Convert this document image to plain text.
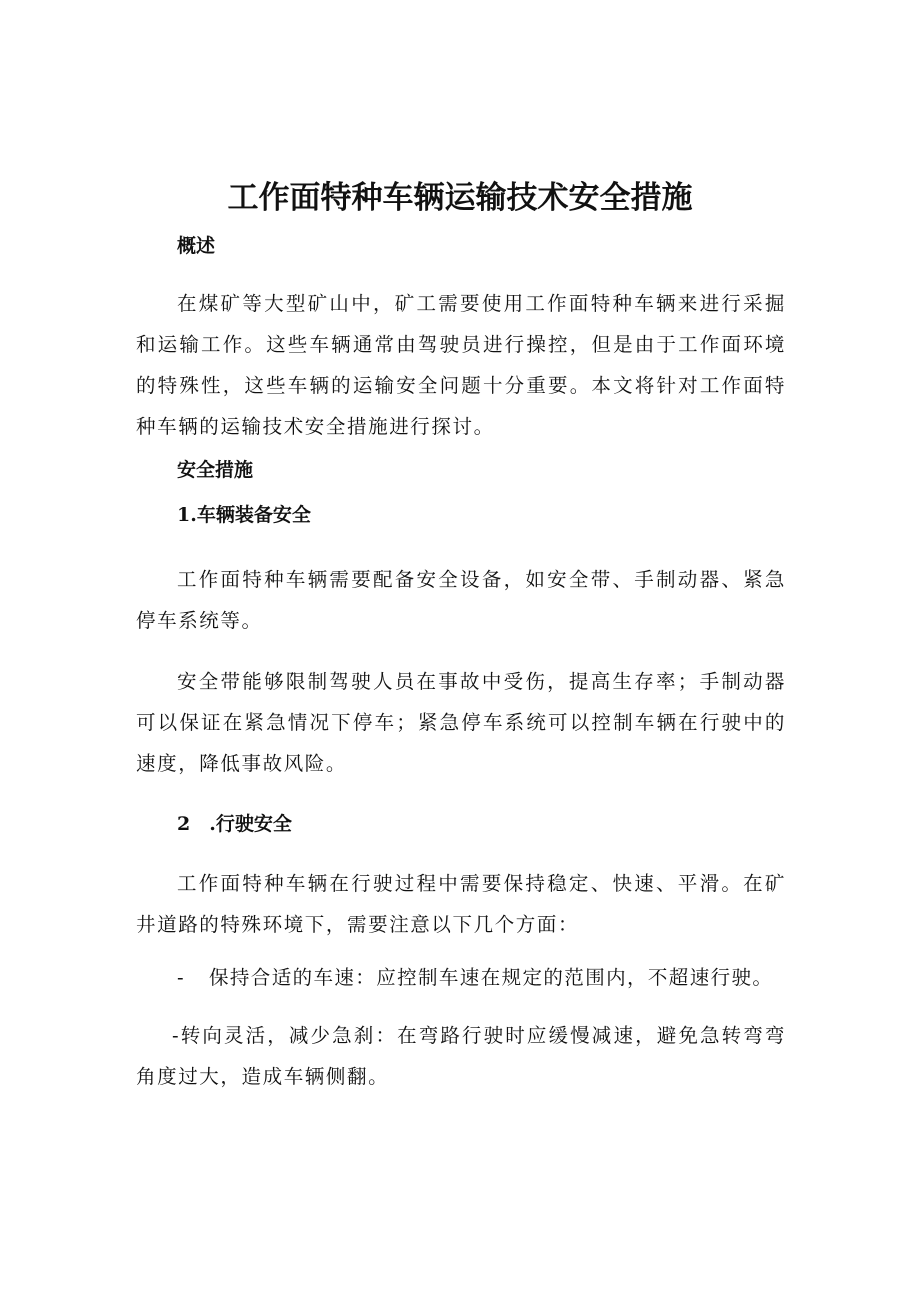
工作面特种车辆运输技术安全措施
概述

在煤矿等大型矿山中，矿工需要使用工作面特种车辆来进行采掘和运输工作。这些车辆通常由驾驶员进行操控，但是由于工作面环境的特殊性，这些车辆的运输安全问题十分重要。本文将针对工作面特种车辆的运输技术安全措施进行探讨。

安全措施
1.车辆装备安全

工作面特种车辆需要配备安全设备，如安全带、手制动器、紧急停车系统等。

安全带能够限制驾驶人员在事故中受伤，提高生存率；手制动器可以保证在紧急情况下停车；紧急停车系统可以控制车辆在行驶中的速度，降低事故风险。

2　.行驶安全

工作面特种车辆在行驶过程中需要保持稳定、快速、平滑。在矿井道路的特殊环境下，需要注意以下几个方面：

- 保持合适的车速：应控制车速在规定的范围内，不超速行驶。

-转向灵活，减少急刹：在弯路行驶时应缓慢减速，避免急转弯弯角度过大，造成车辆侧翻。
